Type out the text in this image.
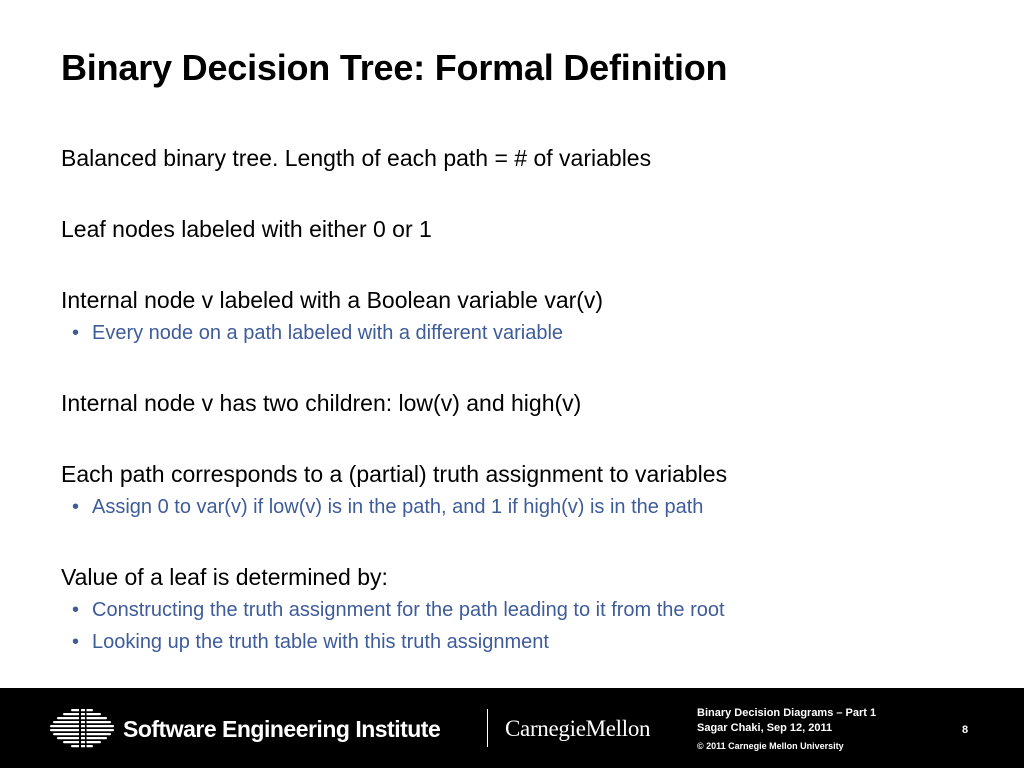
Binary Decision Tree: Formal Definition

Balanced binary tree. Length of each path = # of variables

Leaf nodes labeled with either 0 or 1

Internal node v labeled with a Boolean variable var(v)

• Every node on a path labeled with a different variable

Internal node v has two children: low(v) and high(v)

Each path corresponds to a (partial) truth assignment to variables

• Assign 0 to var(v) if low(v) is in the path, and 1 if high(v) is in the path

Value of a leaf is determined by:

• Constructing the truth assignment for the path leading to it from the root

• Looking up the truth table with this truth assignment

Software Engineering Institute	CarnegieMellon
Binary Decision Diagrams – Part 1
Sagar Chaki, Sep 12, 2011
© 2011 Carnegie Mellon University
8
